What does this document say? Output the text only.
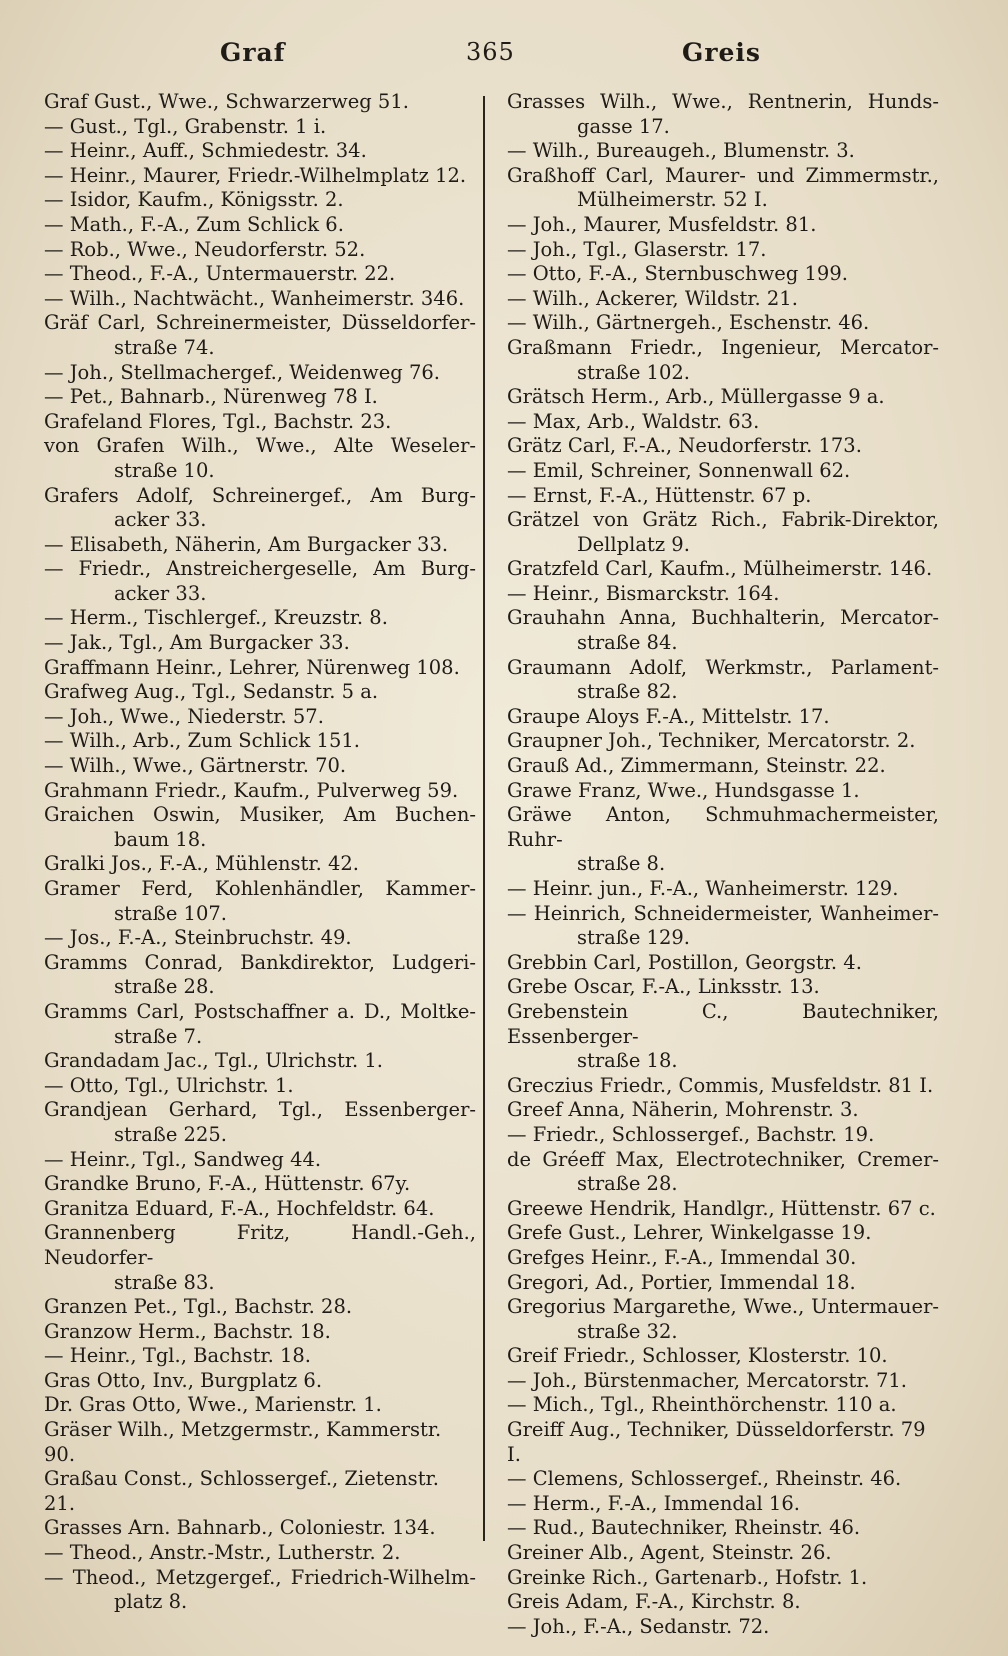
Graf	365	Greis
Graf Gust., Wwe., Schwarzerweg 51.
— Gust., Tgl., Grabenstr. 1 i.
— Heinr., Auff., Schmiedestr. 34.
— Heinr., Maurer, Friedr.-Wilhelmplatz 12.
— Isidor, Kaufm., Königsstr. 2.
— Math., F.-A., Zum Schlick 6.
— Rob., Wwe., Neudorferstr. 52.
— Theod., F.-A., Untermauerstr. 22.
— Wilh., Nachtwächt., Wanheimerstr. 346.
Gräf Carl, Schreinermeister, Düsseldorfer-
straße 74.
— Joh., Stellmachergef., Weidenweg 76.
— Pet., Bahnarb., Nürenweg 78 I.
Grafeland Flores, Tgl., Bachstr. 23.
von Grafen Wilh., Wwe., Alte Weseler-
straße 10.
Grafers Adolf, Schreinergef., Am Burg-
acker 33.
— Elisabeth, Näherin, Am Burgacker 33.
— Friedr., Anstreichergeselle, Am Burg-
acker 33.
— Herm., Tischlergef., Kreuzstr. 8.
— Jak., Tgl., Am Burgacker 33.
Graffmann Heinr., Lehrer, Nürenweg 108.
Grafweg Aug., Tgl., Sedanstr. 5 a.
— Joh., Wwe., Niederstr. 57.
— Wilh., Arb., Zum Schlick 151.
— Wilh., Wwe., Gärtnerstr. 70.
Grahmann Friedr., Kaufm., Pulverweg 59.
Graichen Oswin, Musiker, Am Buchen-
baum 18.
Gralki Jos., F.-A., Mühlenstr. 42.
Gramer Ferd, Kohlenhändler, Kammer-
straße 107.
— Jos., F.-A., Steinbruchstr. 49.
Gramms Conrad, Bankdirektor, Ludgeri-
straße 28.
Gramms Carl, Postschaffner a. D., Moltke-
straße 7.
Grandadam Jac., Tgl., Ulrichstr. 1.
— Otto, Tgl., Ulrichstr. 1.
Grandjean Gerhard, Tgl., Essenberger-
straße 225.
— Heinr., Tgl., Sandweg 44.
Grandke Bruno, F.-A., Hüttenstr. 67y.
Granitza Eduard, F.-A., Hochfeldstr. 64.
Grannenberg Fritz, Handl.-Geh., Neudorfer-
straße 83.
Granzen Pet., Tgl., Bachstr. 28.
Granzow Herm., Bachstr. 18.
— Heinr., Tgl., Bachstr. 18.
Gras Otto, Inv., Burgplatz 6.
Dr. Gras Otto, Wwe., Marienstr. 1.
Gräser Wilh., Metzgermstr., Kammerstr. 90.
Graßau Const., Schlossergef., Zietenstr. 21.
Grasses Arn. Bahnarb., Coloniestr. 134.
— Theod., Anstr.-Mstr., Lutherstr. 2.
— Theod., Metzgergef., Friedrich-Wilhelm-
platz 8.
Grasses Wilh., Wwe., Rentnerin, Hunds-
gasse 17.
— Wilh., Bureaugeh., Blumenstr. 3.
Graßhoff Carl, Maurer- und Zimmermstr.,
Mülheimerstr. 52 I.
— Joh., Maurer, Musfeldstr. 81.
— Joh., Tgl., Glaserstr. 17.
— Otto, F.-A., Sternbuschweg 199.
— Wilh., Ackerer, Wildstr. 21.
— Wilh., Gärtnergeh., Eschenstr. 46.
Graßmann Friedr., Ingenieur, Mercator-
straße 102.
Grätsch Herm., Arb., Müllergasse 9 a.
— Max, Arb., Waldstr. 63.
Grätz Carl, F.-A., Neudorferstr. 173.
— Emil, Schreiner, Sonnenwall 62.
— Ernst, F.-A., Hüttenstr. 67 p.
Grätzel von Grätz Rich., Fabrik-Direktor,
Dellplatz 9.
Gratzfeld Carl, Kaufm., Mülheimerstr. 146.
— Heinr., Bismarckstr. 164.
Grauhahn Anna, Buchhalterin, Mercator-
straße 84.
Graumann Adolf, Werkmstr., Parlament-
straße 82.
Graupe Aloys F.-A., Mittelstr. 17.
Graupner Joh., Techniker, Mercatorstr. 2.
Grauß Ad., Zimmermann, Steinstr. 22.
Grawe Franz, Wwe., Hundsgasse 1.
Gräwe Anton, Schmuhmachermeister, Ruhr-
straße 8.
— Heinr. jun., F.-A., Wanheimerstr. 129.
— Heinrich, Schneidermeister, Wanheimer-
straße 129.
Grebbin Carl, Postillon, Georgstr. 4.
Grebe Oscar, F.-A., Linksstr. 13.
Grebenstein C., Bautechniker, Essenberger-
straße 18.
Greczius Friedr., Commis, Musfeldstr. 81 I.
Greef Anna, Näherin, Mohrenstr. 3.
— Friedr., Schlossergef., Bachstr. 19.
de Gréeff Max, Electrotechniker, Cremer-
straße 28.
Greewe Hendrik, Handlgr., Hüttenstr. 67 c.
Grefe Gust., Lehrer, Winkelgasse 19.
Grefges Heinr., F.-A., Immendal 30.
Gregori, Ad., Portier, Immendal 18.
Gregorius Margarethe, Wwe., Untermauer-
straße 32.
Greif Friedr., Schlosser, Klosterstr. 10.
— Joh., Bürstenmacher, Mercatorstr. 71.
— Mich., Tgl., Rheinthörchenstr. 110 a.
Greiff Aug., Techniker, Düsseldorferstr. 79 I.
— Clemens, Schlossergef., Rheinstr. 46.
— Herm., F.-A., Immendal 16.
— Rud., Bautechniker, Rheinstr. 46.
Greiner Alb., Agent, Steinstr. 26.
Greinke Rich., Gartenarb., Hofstr. 1.
Greis Adam, F.-A., Kirchstr. 8.
— Joh., F.-A., Sedanstr. 72.
